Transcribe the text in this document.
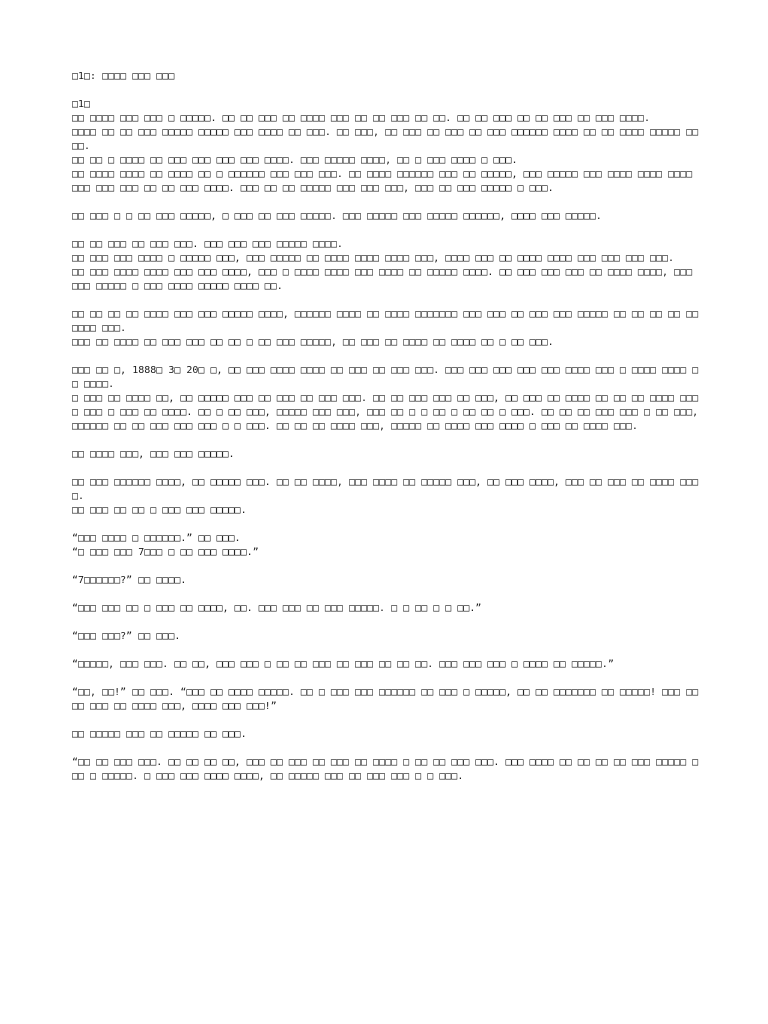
□1□: □□□□ □□□ □□□
□1□

□□ □□□□ □□□ □□□ □ □□□□□. □□ □□ □□□ □□ □□□□ □□□ □□ □□ □□□ □□ □□. □□ □□ □□□ □□ □□ □□□ □□ □□□ □□□□.
□□□□ □□ □□ □□□ □□□□□ □□□□□ □□□ □□□□ □□ □□□. □□ □□□, □□ □□□ □□ □□□ □□ □□□ □□□□□□ □□□□ □□ □□ □□□□ □□□□□ □□□□.
□□ □□ □ □□□□ □□ □□□ □□□ □□□ □□□ □□□□. □□□ □□□□□ □□□□, □□ □ □□□ □□□□ □ □□□.
□□ □□□□ □□□□ □□ □□□□ □□ □ □□□□□□ □□□ □□□ □□□. □□ □□□□ □□□□□□ □□□ □□ □□□□□, □□□ □□□□□ □□□ □□□□ □□□□ □□□□ □□□ □□□ □□□ □□ □□ □□□ □□□□. □□□ □□ □□ □□□□□ □□□ □□□ □□□, □□□ □□ □□□ □□□□□ □ □□□.

□□ □□□ □ □ □□ □□□ □□□□□, □ □□□ □□ □□□ □□□□□. □□□ □□□□□ □□□ □□□□□ □□□□□□, □□□□ □□□ □□□□□.

□□ □□ □□□ □□ □□□ □□□. □□□ □□□ □□□ □□□□□ □□□□.
□□ □□□ □□□ □□□□ □ □□□□□ □□□, □□□ □□□□□ □□ □□□□ □□□□ □□□□ □□□, □□□□ □□□ □□ □□□□ □□□□ □□□ □□□ □□□ □□□.
□□ □□□ □□□□ □□□□ □□□ □□□ □□□□, □□□ □ □□□□ □□□□ □□□ □□□□ □□ □□□□□ □□□□. □□ □□□ □□□ □□□ □□ □□□□ □□□□, □□□ □□□ □□□□□ □ □□□ □□□□ □□□□□ □□□□ □□.

□□ □□ □□ □□ □□□□ □□□ □□□ □□□□□ □□□□, □□□□□□ □□□□ □□ □□□□ □□□□□□□ □□□ □□□ □□ □□□ □□□ □□□□□ □□ □□ □□ □□ □□ □□□□ □□□.
□□□ □□ □□□□ □□ □□□ □□□ □□ □□ □ □□ □□□ □□□□□, □□ □□□ □□ □□□□ □□ □□□□ □□ □ □□ □□□.

□□□ □□ □, 1888□ 3□ 20□ □, □□ □□□ □□□□ □□□□ □□ □□□ □□ □□□ □□□. □□□ □□□ □□□ □□□ □□□ □□□□ □□□ □ □□□□ □□□□ □□ □□□□.
□ □□□ □□ □□□□ □□, □□ □□□□□ □□□ □□ □□□ □□ □□□ □□□. □□ □□ □□□ □□□ □□ □□□, □□ □□□ □□ □□□□ □□ □□ □□ □□□□ □□□□ □□□ □ □□□ □□ □□□□. □□ □ □□ □□□, □□□□□ □□□ □□□, □□□ □□ □ □ □□ □ □□ □□ □ □□□. □□ □□ □□ □□□ □□□ □ □□ □□□, □□□□□□ □□ □□ □□□ □□□ □□□ □ □ □□□. □□ □□ □□ □□□□ □□□, □□□□□ □□ □□□□ □□□ □□□□ □ □□□ □□ □□□□ □□□.

□□ □□□□ □□□, □□□ □□□ □□□□□.

□□ □□□ □□□□□□ □□□□, □□ □□□□□ □□□. □□ □□ □□□□, □□□ □□□□ □□ □□□□□ □□□, □□ □□□ □□□□, □□□ □□ □□□ □□ □□□□ □□□□.
□□ □□□ □□ □□ □ □□□ □□□ □□□□□.

“□□□ □□□□ □ □□□□□□.” □□ □□□.
“□ □□□ □□□ 7□□□ □ □□ □□□ □□□□.”

“7□□□□□□?” □□ □□□□.

“□□□ □□□ □□ □ □□□ □□ □□□□, □□. □□□ □□□ □□ □□□ □□□□□. □ □ □□ □ □ □□.”

“□□□ □□□?” □□ □□□.

“□□□□□, □□□ □□□. □□ □□, □□□ □□□ □ □□ □□ □□□ □□ □□□ □□ □□ □□. □□□ □□□ □□□ □ □□□□ □□ □□□□□.”

“□□, □□!” □□ □□□. “□□□ □□ □□□□ □□□□□. □□ □ □□□ □□□ □□□□□□ □□ □□□ □ □□□□□, □□ □□ □□□□□□□ □□ □□□□□! □□□ □□ □□ □□□ □□ □□□□ □□□, □□□□ □□□ □□□!”

□□ □□□□□ □□□ □□ □□□□□ □□ □□□.

“□□ □□ □□□ □□□. □□ □□ □□ □□, □□□ □□ □□□ □□ □□□ □□ □□□□ □ □□ □□ □□□ □□□. □□□ □□□□ □□ □□ □□ □□ □□□ □□□□□ □□□ □ □□□□□. □ □□□ □□□ □□□□ □□□□, □□ □□□□□ □□□ □□ □□□ □□□ □ □ □□□.
